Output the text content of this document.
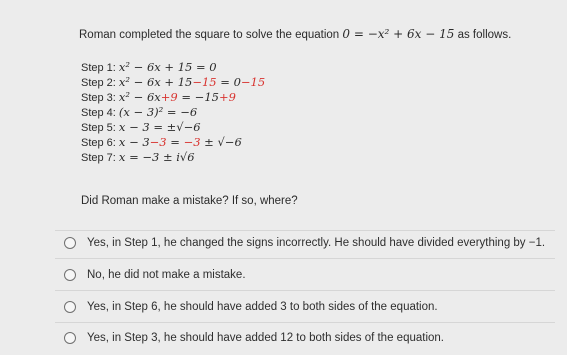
Roman completed the square to solve the equation 0 = −x² + 6x − 15 as follows.
Step 1: x² − 6x + 15 = 0
Step 2: x² − 6x + 15−15 = 0−15
Step 3: x² − 6x+9 = −15+9
Step 4: (x − 3)² = −6
Step 5: x − 3 = ±√−6
Step 6: x − 3−3 = −3 ± √−6
Step 7: x = −3 ± i√6
Did Roman make a mistake? If so, where?
Yes, in Step 1, he changed the signs incorrectly. He should have divided everything by −1.
No, he did not make a mistake.
Yes, in Step 6, he should have added 3 to both sides of the equation.
Yes, in Step 3, he should have added 12 to both sides of the equation.
